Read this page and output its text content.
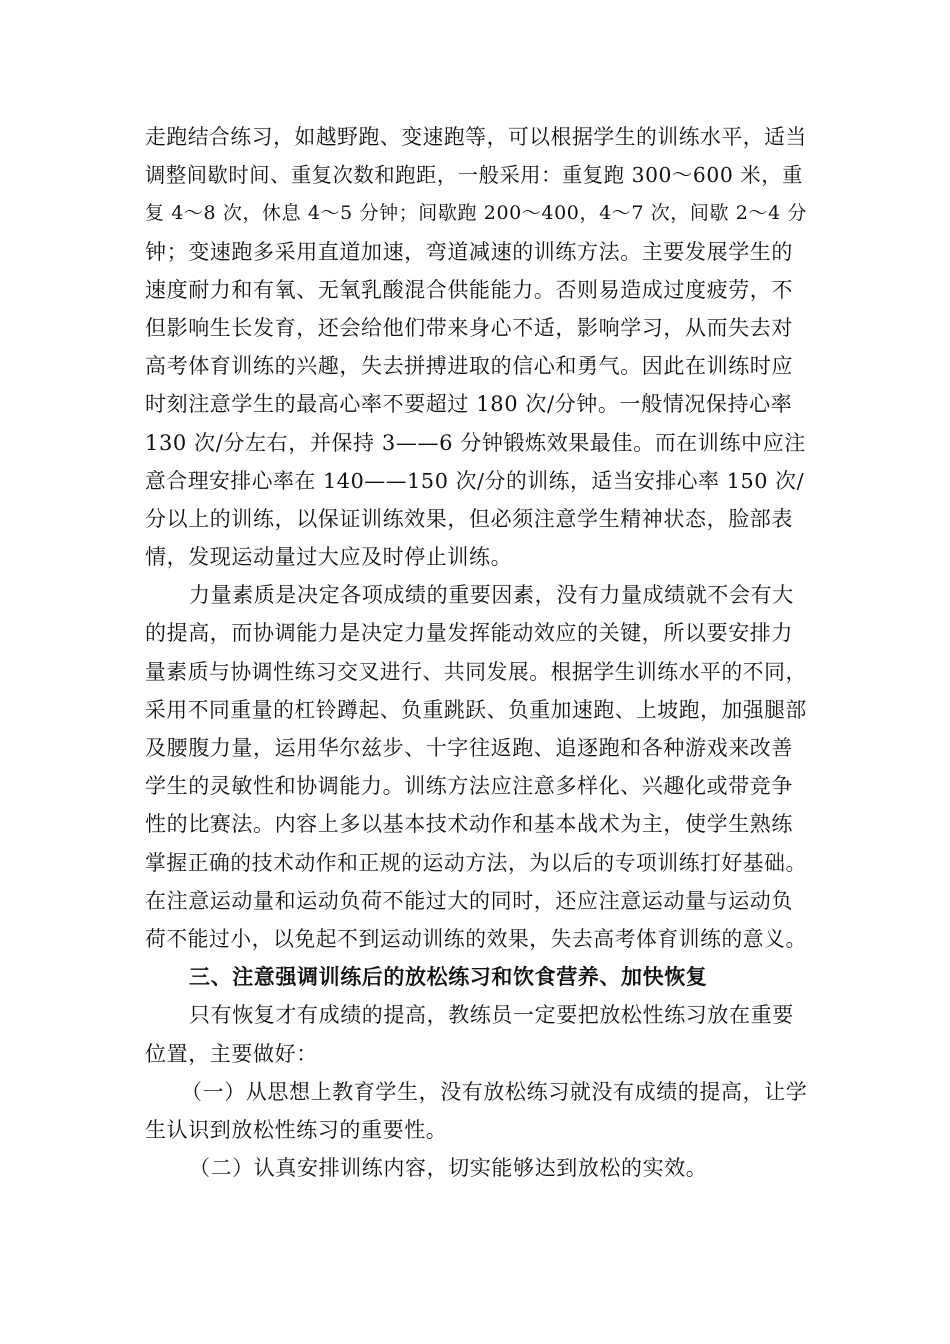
走跑结合练习，如越野跑、变速跑等，可以根据学生的训练水平，适当
调整间歇时间、重复次数和跑距，一般采用：重复跑 300～600 米，重
复 4～8 次，休息 4～5 分钟；间歇跑 200～400，4～7 次，间歇 2～4 分
钟；变速跑多采用直道加速，弯道减速的训练方法。主要发展学生的
速度耐力和有氧、无氧乳酸混合供能能力。否则易造成过度疲劳，不
但影响生长发育，还会给他们带来身心不适，影响学习，从而失去对
高考体育训练的兴趣，失去拼搏进取的信心和勇气。因此在训练时应
时刻注意学生的最高心率不要超过 180 次/分钟。一般情况保持心率
130 次/分左右，并保持 3——6 分钟锻炼效果最佳。而在训练中应注
意合理安排心率在 140——150 次/分的训练，适当安排心率 150 次/
分以上的训练，以保证训练效果，但必须注意学生精神状态，脸部表
情，发现运动量过大应及时停止训练。
力量素质是决定各项成绩的重要因素，没有力量成绩就不会有大
的提高，而协调能力是决定力量发挥能动效应的关键，所以要安排力
量素质与协调性练习交叉进行、共同发展。根据学生训练水平的不同，
采用不同重量的杠铃蹲起、负重跳跃、负重加速跑、上坡跑，加强腿部
及腰腹力量，运用华尔兹步、十字往返跑、追逐跑和各种游戏来改善
学生的灵敏性和协调能力。训练方法应注意多样化、兴趣化或带竞争
性的比赛法。内容上多以基本技术动作和基本战术为主，使学生熟练
掌握正确的技术动作和正规的运动方法，为以后的专项训练打好基础。
在注意运动量和运动负荷不能过大的同时，还应注意运动量与运动负
荷不能过小，以免起不到运动训练的效果，失去高考体育训练的意义。
三、注意强调训练后的放松练习和饮食营养、加快恢复
只有恢复才有成绩的提高，教练员一定要把放松性练习放在重要
位置，主要做好：
（一）从思想上教育学生，没有放松练习就没有成绩的提高，让学
生认识到放松性练习的重要性。
（二）认真安排训练内容，切实能够达到放松的实效。
